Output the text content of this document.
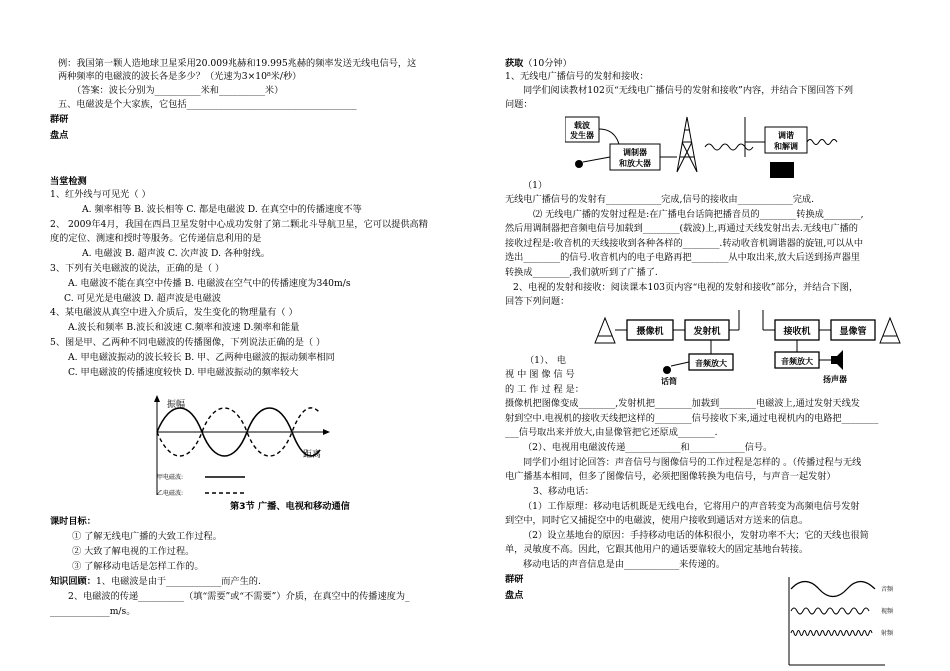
例：我国第一颗人造地球卫星采用20.009兆赫和19.995兆赫的频率发送无线电信号，这
两种频率的电磁波的波长各是多少？（光速为3×10⁸米/秒）
（答案：波长分别为__________米和__________米）
五、电磁波是个大家族，它包括_____________________________________
群研
盘点
当堂检测
1、红外线与可见光（ ）
A. 频率相等 B. 波长相等 C. 都是电磁波 D. 在真空中的传播速度不等
2、 2009年4月，我国在西昌卫星发射中心成功发射了第二颗北斗导航卫星，它可以提供高精
度的定位、测速和授时等服务。它传递信息利用的是
A. 电磁波 B. 超声波 C. 次声波 D. 各种射线。
3、下列有关电磁波的说法，正确的是（ ）
A. 电磁波不能在真空中传播 B. 电磁波在空气中的传播速度为340m/s
C. 可见光是电磁波 D. 超声波是电磁波
4、某电磁波从真空中进入介质后，发生变化的物理量有（ ）
A.波长和频率 B.波长和波速 C.频率和波速 D.频率和能量
5、图是甲、乙两种不同电磁波的传播图像，下列说法正确的是（ ）
A. 甲电磁波振动的波长较长 B. 甲、乙两种电磁波的振动频率相同
C. 甲电磁波的传播速度较快 D. 甲电磁波振动的频率较大
振幅
距离
甲电磁波:
乙电磁波:
第3节 广播、电视和移动通信
课时目标：
① 了解无线电广播的大致工作过程。
② 大致了解电视的工作过程。
③ 了解移动电话是怎样工作的。
知识回顾：1、电磁波是由于____________而产生的.
2、电磁波的传递__________（填“需要”或“不需要”）介质，在真空中的传播速度为_
_____________m/s。
获取（10分钟）
1、无线电广播信号的发射和接收：
同学们阅读教材102页“无线电广播信号的发射和接收”内容，并结合下图回答下列
问题：
载波
发生器
调制器
和放大器
调谐
和解调
（1）
无线电广播信号的发射有____________完成,信号的接收由____________完成.
⑵ 无线电广播的发射过程是:在广播电台话筒把播音员的________转换成________,
然后用调制器把音频电信号加载到________(载波)上,再通过天线发射出去.无线电广播的
接收过程是:收音机的天线接收到各种各样的________.转动收音机调谐器的旋钮,可以从中
选出________的信号.收音机内的电子电路再把________从中取出来,放大后送到扬声器里
转换成________,我们就听到了广播了.
2、电视的发射和接收：阅读课本103页内容“电视的发射和接收”部分，并结合下图，
回答下列问题：
摄像机	发射机	接收机	显像管
音频放大
话筒
音频放大
扬声器
（1）、 电
视 中 图 像 信 号
的 工 作 过 程 是：
摄像机把图像变成________,发射机把________加载到________电磁波上,通过发射天线发
射到空中.电视机的接收天线把这样的________信号接收下来,通过电视机内的电路把________
___信号取出来并放大,由显像管把它还原成________.
（2）、电视用电磁波传递____________和____________信号。
同学们小组讨论回答：声音信号与图像信号的工作过程是怎样的 。（传播过程与无线
电广播基本相同，但多了图像信号，必须把图像转换为电信号，与声音一起发射）
3、移动电话：
（1）工作原理：移动电话机既是无线电台，它将用户的声音转变为高频电信号发射
到空中，同时它又捕捉空中的电磁波，使用户接收到通话对方送来的信息。
（2）设立基地台的原因：手持移动电话的体积很小，发射功率不大；它的天线也很简
单，灵敏度不高。因此，它跟其他用户的通话要靠较大的固定基地台转接。
移动电话的声音信息是由____________来传递的。
群研
盘点
音频
视频
射频
